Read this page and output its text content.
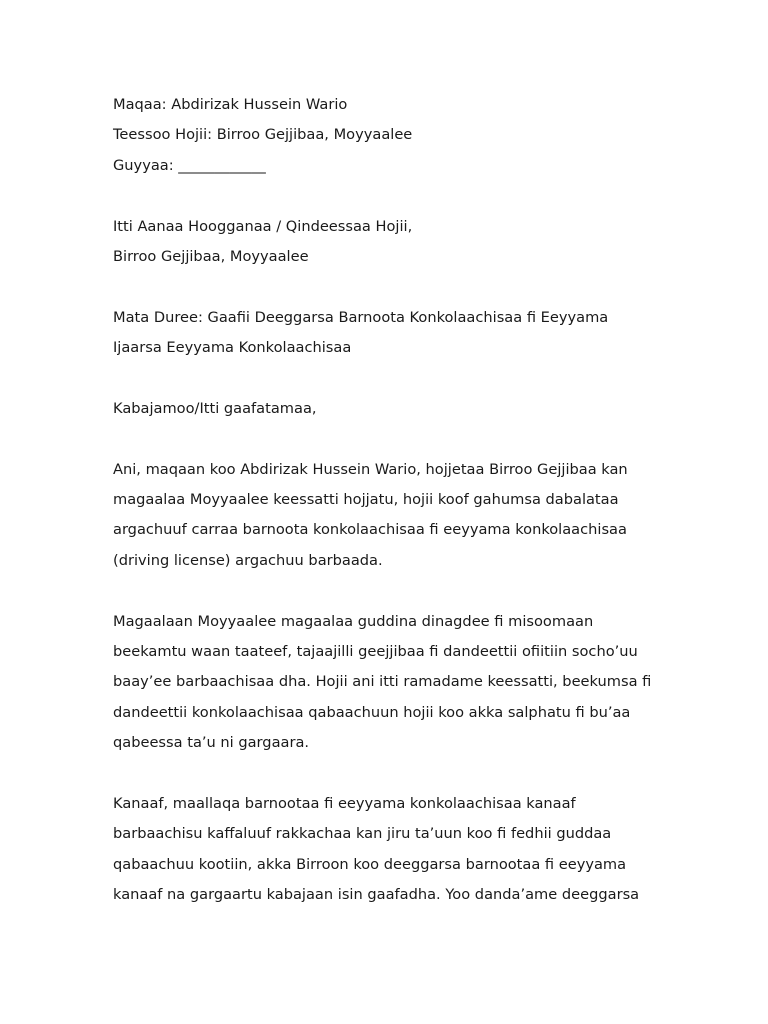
Maqaa: Abdirizak Hussein Wario
Teessoo Hojii: Birroo Gejjibaa, Moyyaalee
Guyyaa: ____________
Itti Aanaa Hoogganaa / Qindeessaa Hojii,
Birroo Gejjibaa, Moyyaalee
Mata Duree: Gaafii Deeggarsa Barnoota Konkolaachisaa fi Eeyyama
Ijaarsa Eeyyama Konkolaachisaa
Kabajamoo/Itti gaafatamaa,
Ani, maqaan koo Abdirizak Hussein Wario, hojjetaa Birroo Gejjibaa kan
magaalaa Moyyaalee keessatti hojjatu, hojii koof gahumsa dabalataa
argachuuf carraa barnoota konkolaachisaa fi eeyyama konkolaachisaa
(driving license) argachuu barbaada.
Magaalaan Moyyaalee magaalaa guddina dinagdee fi misoomaan
beekamtu waan taateef, tajaajilli geejjibaa fi dandeettii ofiitiin socho’uu
baay’ee barbaachisaa dha. Hojii ani itti ramadame keessatti, beekumsa fi
dandeettii konkolaachisaa qabaachuun hojii koo akka salphatu fi bu’aa
qabeessa ta’u ni gargaara.
Kanaaf, maallaqa barnootaa fi eeyyama konkolaachisaa kanaaf
barbaachisu kaffaluuf rakkachaa kan jiru ta’uun koo fi fedhii guddaa
qabaachuu kootiin, akka Birroon koo deeggarsa barnootaa fi eeyyama
kanaaf na gargaartu kabajaan isin gaafadha. Yoo danda’ame deeggarsa
